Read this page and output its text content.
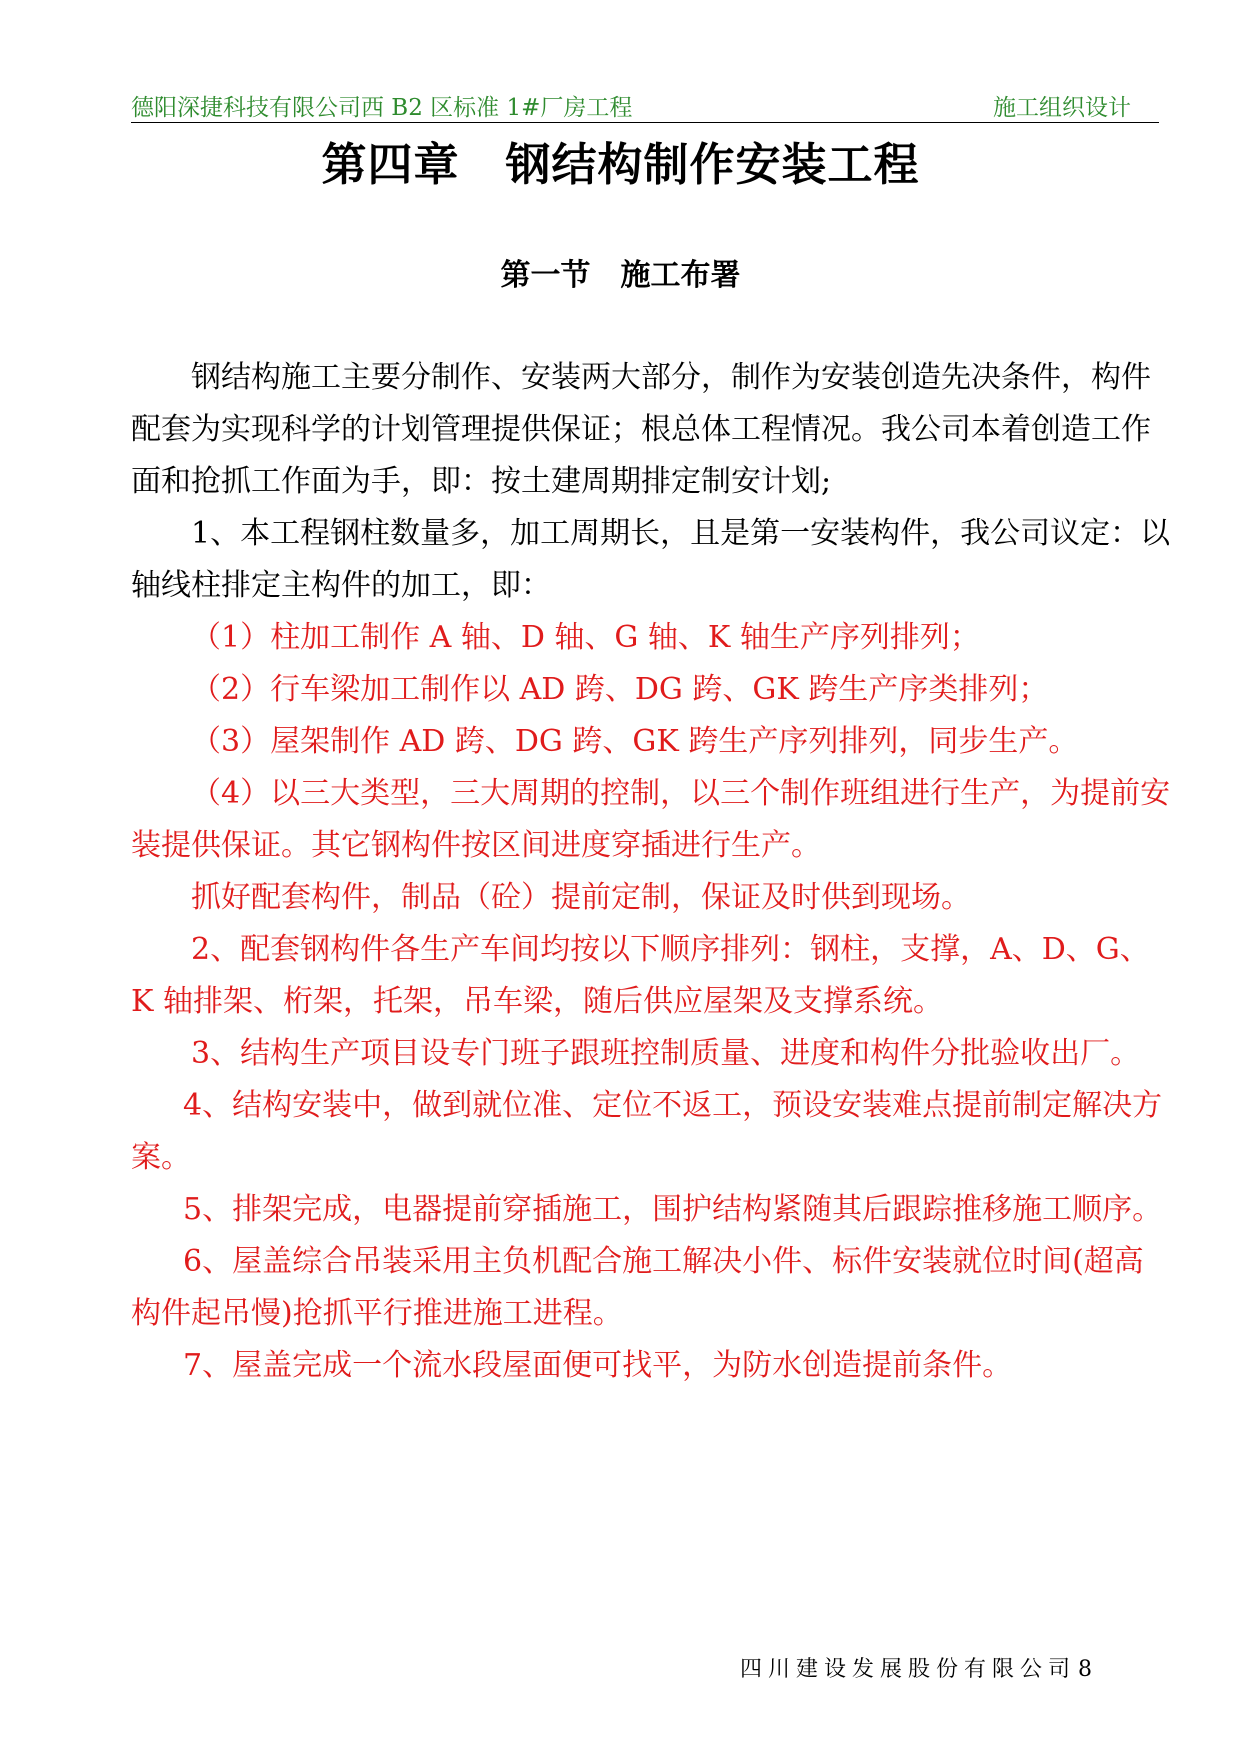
德阳深捷科技有限公司西 B2 区标准 1#厂房工程	施工组织设计
第四章　钢结构制作安装工程
第一节　施工布署

钢结构施工主要分制作、安装两大部分，制作为安装创造先决条件，构件配套为实现科学的计划管理提供保证；根总体工程情况。我公司本着创造工作面和抢抓工作面为手，即：按土建周期排定制安计划;

1、本工程钢柱数量多，加工周期长，且是第一安装构件，我公司议定：以轴线柱排定主构件的加工，即：

（1）柱加工制作 A 轴、D 轴、G 轴、K 轴生产序列排列；

（2）行车梁加工制作以 AD 跨、DG 跨、GK 跨生产序类排列；

（3）屋架制作 AD 跨、DG 跨、GK 跨生产序列排列，同步生产。

（4）以三大类型，三大周期的控制，以三个制作班组进行生产，为提前安装提供保证。其它钢构件按区间进度穿插进行生产。

抓好配套构件，制品（砼）提前定制，保证及时供到现场。

2、配套钢构件各生产车间均按以下顺序排列：钢柱，支撑，A、D、G、K 轴排架、桁架，托架，吊车梁，随后供应屋架及支撑系统。

3、结构生产项目设专门班子跟班控制质量、进度和构件分批验收出厂。

4、结构安装中，做到就位准、定位不返工，预设安装难点提前制定解决方案。

5、排架完成，电器提前穿插施工，围护结构紧随其后跟踪推移施工顺序。

6、屋盖综合吊装采用主负机配合施工解决小件、标件安装就位时间(超高构件起吊慢)抢抓平行推进施工进程。

7、屋盖完成一个流水段屋面便可找平，为防水创造提前条件。

四川建设发展股份有限公司8
